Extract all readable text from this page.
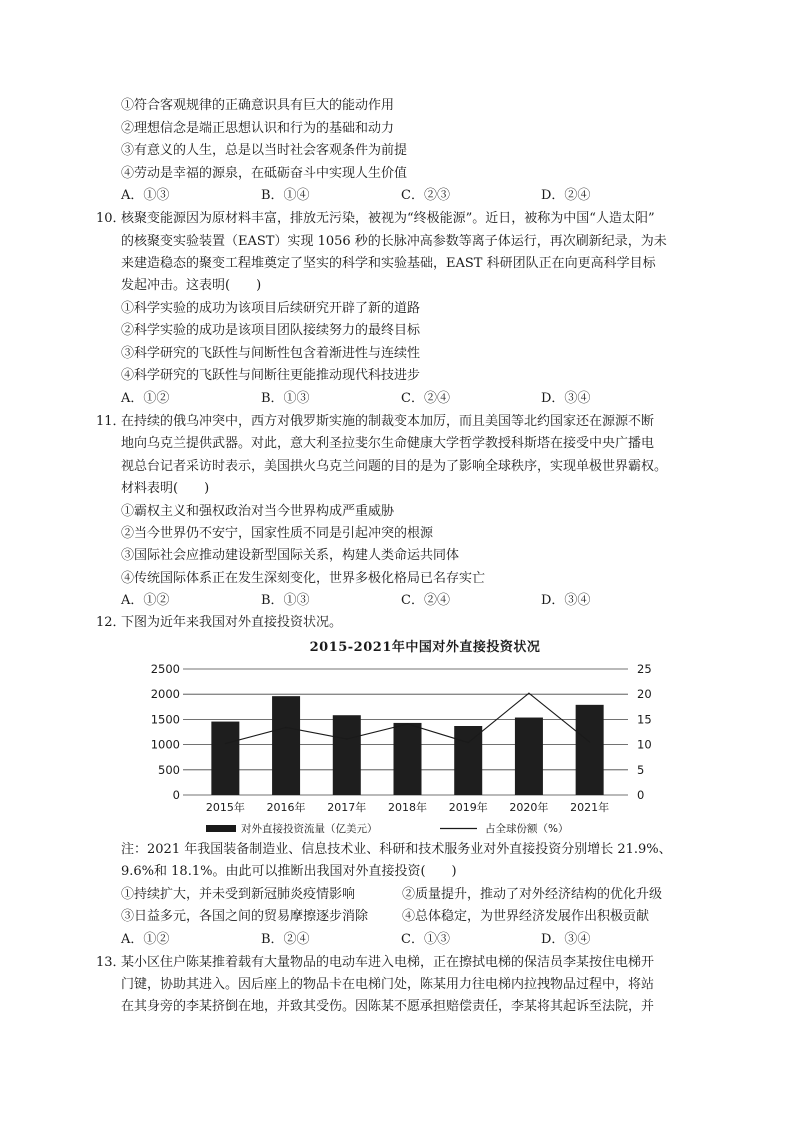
①符合客观规律的正确意识具有巨大的能动作用
②理想信念是端正思想认识和行为的基础和动力
③有意义的人生，总是以当时社会客观条件为前提
④劳动是幸福的源泉，在砥砺奋斗中实现人生价值
A．①③	B．①④	C．②③	D．②④
10．
核聚变能源因为原材料丰富，排放无污染，被视为“终极能源”。近日，被称为中国“人造太阳”
的核聚变实验装置（EAST）实现 1056 秒的长脉冲高参数等离子体运行，再次刷新纪录，为未
来建造稳态的聚变工程堆奠定了坚实的科学和实验基础，EAST 科研团队正在向更高科学目标
发起冲击。这表明(　　)
①科学实验的成功为该项目后续研究开辟了新的道路
②科学实验的成功是该项目团队接续努力的最终目标
③科学研究的飞跃性与间断性包含着渐进性与连续性
④科学研究的飞跃性与间断往更能推动现代科技进步
A．①②	B．①③	C．②④	D．③④
11．
在持续的俄乌冲突中，西方对俄罗斯实施的制裁变本加厉，而且美国等北约国家还在源源不断
地向乌克兰提供武器。对此，意大利圣拉斐尔生命健康大学哲学教授科斯塔在接受中央广播电
视总台记者采访时表示，美国拱火乌克兰问题的目的是为了影响全球秩序，实现单极世界霸权。
材料表明(　　)
①霸权主义和强权政治对当今世界构成严重威胁
②当今世界仍不安宁，国家性质不同是引起冲突的根源
③国际社会应推动建设新型国际关系，构建人类命运共同体
④传统国际体系正在发生深刻变化，世界多极化格局已名存实亡
A．①②	B．①③	C．②④	D．③④
12．
下图为近年来我国对外直接投资状况。
2015-2021年中国对外直接投资状况
2500
2000
1500
1000
500
0
25
20
15
10
5
0
2015年 2016年 2017年 2018年 2019年 2020年 2021年
对外直接投资流量（亿美元）	占全球份额（%）
注：2021 年我国装备制造业、信息技术业、科研和技术服务业对外直接投资分别增长 21.9%、
9.6%和 18.1%。由此可以推断出我国对外直接投资(　　)
①持续扩大，并未受到新冠肺炎疫情影响	②质量提升，推动了对外经济结构的优化升级
③日益多元，各国之间的贸易摩擦逐步消除	④总体稳定，为世界经济发展作出积极贡献
A．①②	B．②④	C．①③	D．③④
13．
某小区住户陈某推着载有大量物品的电动车进入电梯，正在擦拭电梯的保洁员李某按住电梯开
门键，协助其进入。因后座上的物品卡在电梯门处，陈某用力往电梯内拉拽物品过程中，将站
在其身旁的李某挤倒在地，并致其受伤。因陈某不愿承担赔偿责任，李某将其起诉至法院，并
